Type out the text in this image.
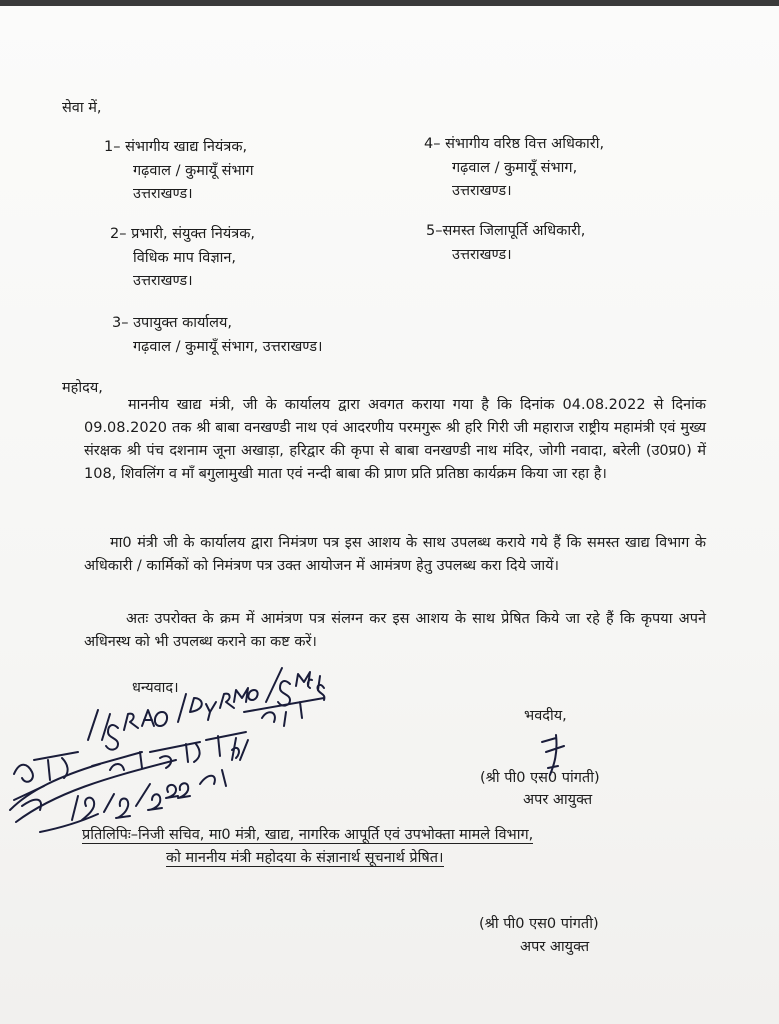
सेवा में,
1– संभागीय खाद्य नियंत्रक,
गढ़वाल / कुमायूँ संभाग
उत्तराखण्ड।
2– प्रभारी, संयुक्त नियंत्रक,
विधिक माप विज्ञान,
उत्तराखण्ड।
3– उपायुक्त कार्यालय,
गढ़वाल / कुमायूँ संभाग, उत्तराखण्ड।
4– संभागीय वरिष्ठ वित्त अधिकारी,
गढ़वाल / कुमायूँ संभाग,
उत्तराखण्ड।
5–समस्त जिलापूर्ति अधिकारी,
उत्तराखण्ड।
महोदय,
माननीय खाद्य मंत्री, जी के कार्यालय द्वारा अवगत कराया गया है कि दिनांक 04.08.2022 से दिनांक 09.08.2020 तक श्री बाबा वनखण्डी नाथ एवं आदरणीय परमगुरू श्री हरि गिरी जी महाराज राष्ट्रीय महामंत्री एवं मुख्य संरक्षक श्री पंच दशनाम जूना अखाड़ा, हरिद्वार की कृपा से बाबा वनखण्डी नाथ मंदिर, जोगी नवादा, बरेली (उ0प्र0) में 108, शिवलिंग व माँ बगुलामुखी माता एवं नन्दी बाबा की प्राण प्रति प्रतिष्ठा कार्यक्रम किया जा रहा है।
मा0 मंत्री जी के कार्यालय द्वारा निमंत्रण पत्र इस आशय के साथ उपलब्ध कराये गये हैं कि समस्त खाद्य विभाग के अधिकारी / कार्मिकों को निमंत्रण पत्र उक्त आयोजन में आमंत्रण हेतु उपलब्ध करा दिये जायें।
अतः उपरोक्त के क्रम में आमंत्रण पत्र संलग्न कर इस आशय के साथ प्रेषित किये जा रहे हैं कि कृपया अपने अधिनस्थ को भी उपलब्ध कराने का कष्ट करें।
धन्यवाद।
भवदीय,
(श्री पी0 एस0 पांगती)
अपर आयुक्त
प्रतिलिपिः–निजी सचिव, मा0 मंत्री, खाद्य, नागरिक आपूर्ति एवं उपभोक्ता मामले विभाग,
को माननीय मंत्री महोदया के संज्ञानार्थ सूचनार्थ प्रेषित।
(श्री पी0 एस0 पांगती)
अपर आयुक्त
